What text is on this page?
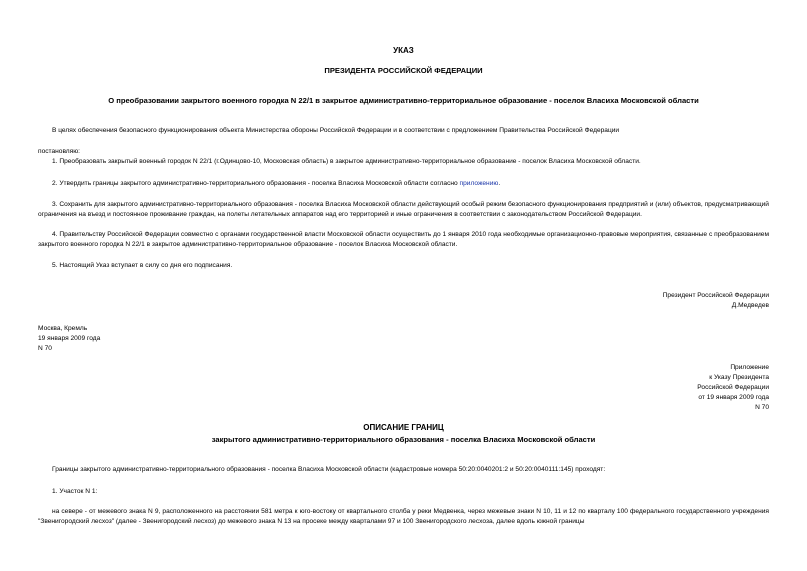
УКАЗ
ПРЕЗИДЕНТА РОССИЙСКОЙ ФЕДЕРАЦИИ
О преобразовании закрытого военного городка N 22/1 в закрытое административно-территориальное образование - поселок Власиха Московской области
В целях обеспечения безопасного функционирования объекта Министерства обороны Российской Федерации и в соответствии с предложением Правительства Российской Федерации
постановляю:
1. Преобразовать закрытый военный городок N 22/1 (г.Одинцово-10, Московская область) в закрытое административно-территориальное образование - поселок Власиха Московской области.
2. Утвердить границы закрытого административно-территориального образования - поселка Власиха Московской области согласно приложению.
3. Сохранить для закрытого административно-территориального образования - поселка Власиха Московской области действующий особый режим безопасного функционирования предприятий и (или) объектов, предусматривающий ограничения на въезд и постоянное проживание граждан, на полеты летательных аппаратов над его территорией и иные ограничения в соответствии с законодательством Российской Федерации.
4. Правительству Российской Федерации совместно с органами государственной власти Московской области осуществить до 1 января 2010 года необходимые организационно-правовые мероприятия, связанные с преобразованием закрытого военного городка N 22/1 в закрытое административно-территориальное образование - поселок Власиха Московской области.
5. Настоящий Указ вступает в силу со дня его подписания.
Президент Российской Федерации
Д.Медведев
Москва, Кремль
19 января 2009 года
N 70
Приложение
к Указу Президента
Российской Федерации
от 19 января 2009 года
N 70
ОПИСАНИЕ ГРАНИЦ
закрытого административно-территориального образования - поселка Власиха Московской области
Границы закрытого административно-территориального образования - поселка Власиха Московской области (кадастровые номера 50:20:0040201:2 и 50:20:0040111:145) проходят:
1. Участок N 1:
на севере - от межевого знака N 9, расположенного на расстоянии 581 метра к юго-востоку от квартального столба у реки Медвенка, через межевые знаки N 10, 11 и 12 по кварталу 100 федерального государственного учреждения "Звенигородский лесхоз" (далее - Звенигородский лесхоз) до межевого знака N 13 на просеке между кварталами 97 и 100 Звенигородского лесхоза, далее вдоль южной границы
